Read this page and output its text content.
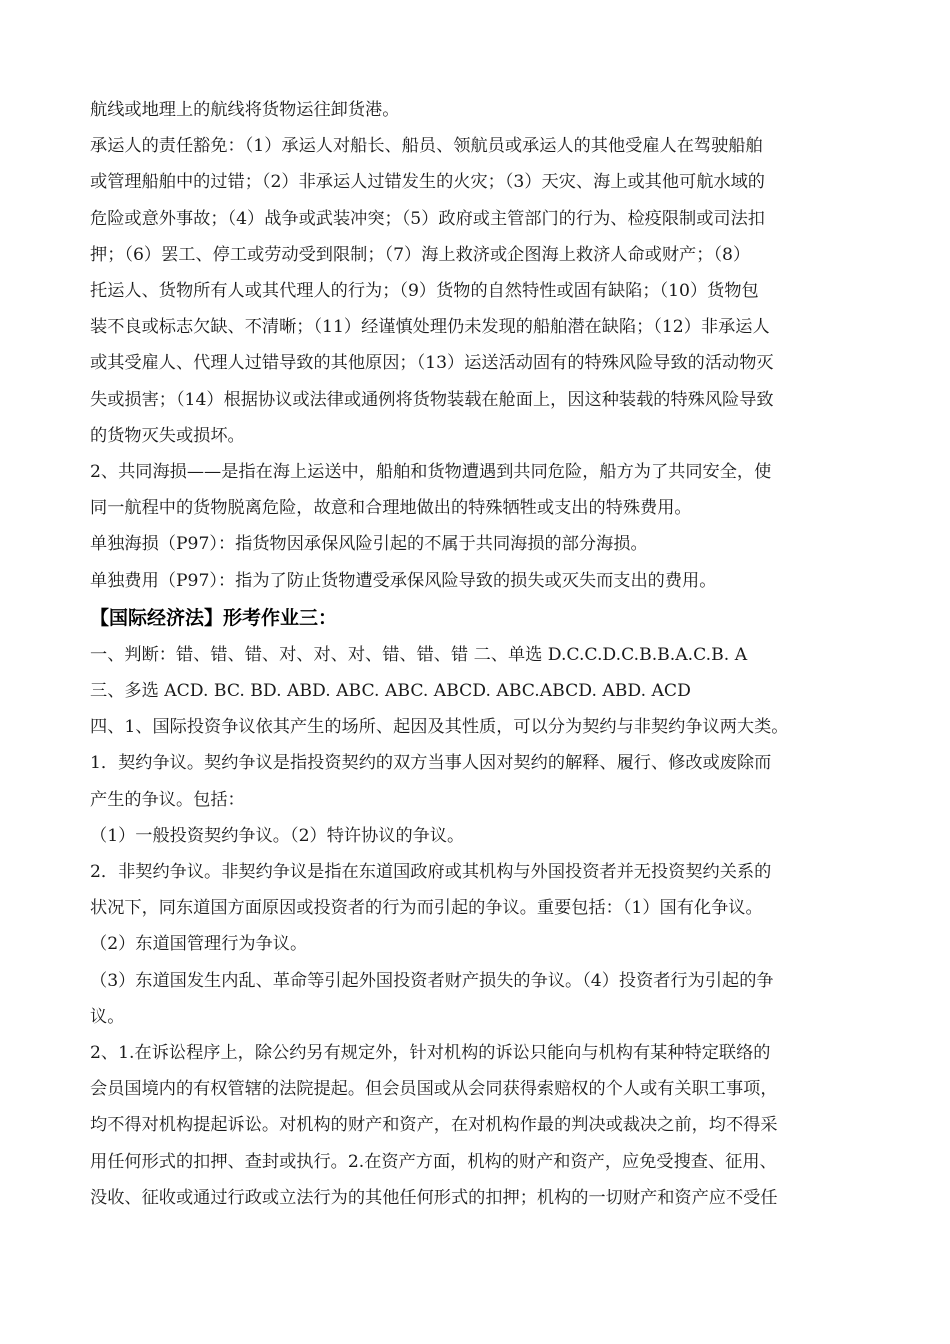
航线或地理上的航线将货物运往卸货港。

承运人的责任豁免：（1）承运人对船长、船员、领航员或承运人的其他受雇人在驾驶船舶

或管理船舶中的过错；（2）非承运人过错发生的火灾；（3）天灾、海上或其他可航水域的

危险或意外事故；（4）战争或武装冲突；（5）政府或主管部门的行为、检疫限制或司法扣

押；（6）罢工、停工或劳动受到限制；（7）海上救济或企图海上救济人命或财产；（8）

托运人、货物所有人或其代理人的行为；（9）货物的自然特性或固有缺陷；（10）货物包

装不良或标志欠缺、不清晰；（11）经谨慎处理仍未发现的船舶潜在缺陷；（12）非承运人

或其受雇人、代理人过错导致的其他原因；（13）运送活动固有的特殊风险导致的活动物灭

失或损害；（14）根据协议或法律或通例将货物装载在舱面上，因这种装载的特殊风险导致

的货物灭失或损坏。

2、共同海损——是指在海上运送中，船舶和货物遭遇到共同危险，船方为了共同安全，使

同一航程中的货物脱离危险，故意和合理地做出的特殊牺牲或支出的特殊费用。

单独海损（P97）：指货物因承保风险引起的不属于共同海损的部分海损。

单独费用（P97）：指为了防止货物遭受承保风险导致的损失或灭失而支出的费用。

【国际经济法】形考作业三：

一、判断：错、错、错、对、对、对、错、错、错 二、单选 D.C.C.D.C.B.B.A.C.B. A

三、多选 ACD. BC. BD. ABD. ABC. ABC. ABCD. ABC.ABCD. ABD. ACD

四、1、国际投资争议依其产生的场所、起因及其性质，可以分为契约与非契约争议两大类。

1．契约争议。契约争议是指投资契约的双方当事人因对契约的解释、履行、修改或废除而

产生的争议。包括：

（1）一般投资契约争议。（2）特许协议的争议。

2．非契约争议。非契约争议是指在东道国政府或其机构与外国投资者并无投资契约关系的

状况下，同东道国方面原因或投资者的行为而引起的争议。重要包括：（1）国有化争议。

（2）东道国管理行为争议。

（3）东道国发生内乱、革命等引起外国投资者财产损失的争议。（4）投资者行为引起的争

议。

2、1.在诉讼程序上，除公约另有规定外，针对机构的诉讼只能向与机构有某种特定联络的

会员国境内的有权管辖的法院提起。但会员国或从会同获得索赔权的个人或有关职工事项，

均不得对机构提起诉讼。对机构的财产和资产，在对机构作最的判决或裁决之前，均不得采

用任何形式的扣押、查封或执行。2.在资产方面，机构的财产和资产，应免受搜查、征用、

没收、征收或通过行政或立法行为的其他任何形式的扣押；机构的一切财产和资产应不受任
